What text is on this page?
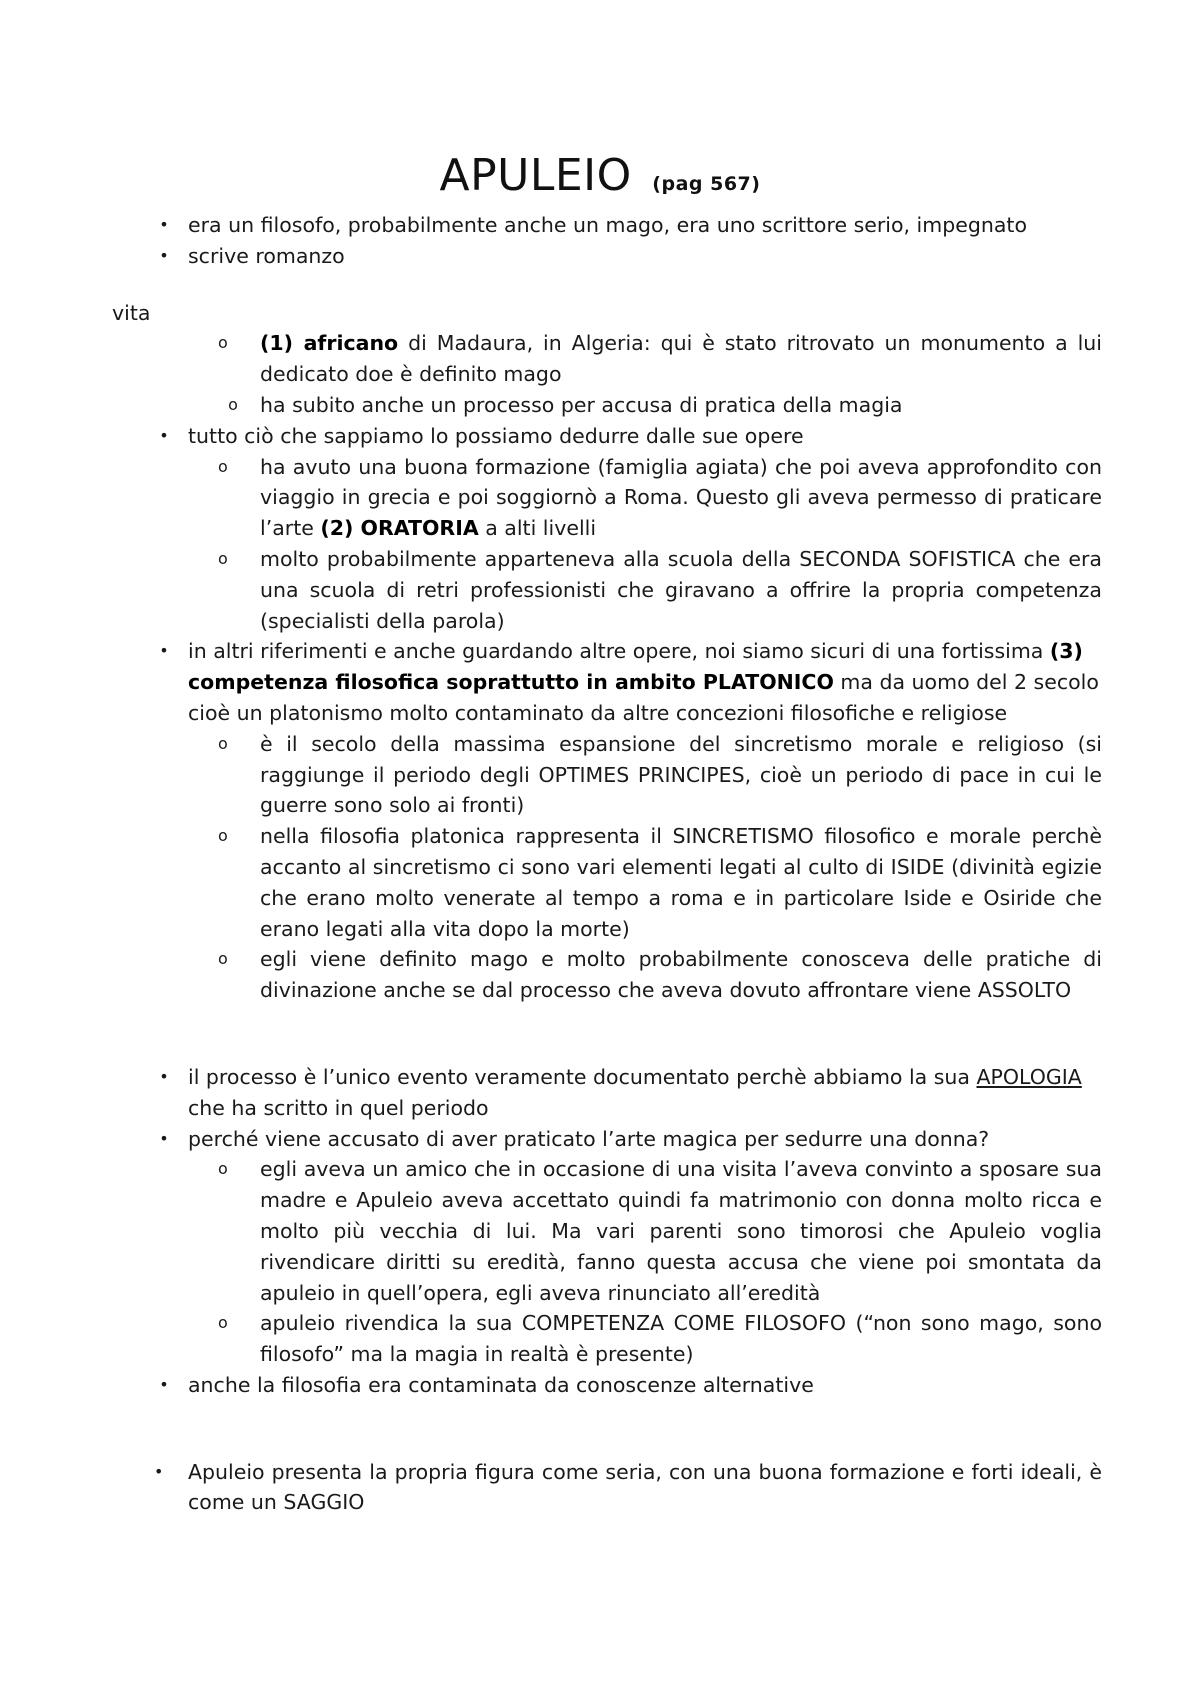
APULEIO (pag 567)
• era un filosofo, probabilmente anche un mago, era uno scrittore serio, impegnato
• scrive romanzo
vita
o	(1) africano di Madaura, in Algeria: qui è stato ritrovato un monumento a lui dedicato doe è definito mago
o	ha subito anche un processo per accusa di pratica della magia
• tutto ciò che sappiamo lo possiamo dedurre dalle sue opere
o	ha avuto una buona formazione (famiglia agiata) che poi aveva approfondito con viaggio in grecia e poi soggiornò a Roma. Questo gli aveva permesso di praticare l’arte (2) ORATORIA a alti livelli
o	molto probabilmente apparteneva alla scuola della SECONDA SOFISTICA che era una scuola di retri professionisti che giravano a offrire la propria competenza (specialisti della parola)
• in altri riferimenti e anche guardando altre opere, noi siamo sicuri di una fortissima (3) competenza filosofica soprattutto in ambito PLATONICO ma da uomo del 2 secolo cioè un platonismo molto contaminato da altre concezioni filosofiche e religiose
o	è il secolo della massima espansione del sincretismo morale e religioso (si raggiunge il periodo degli OPTIMES PRINCIPES, cioè un periodo di pace in cui le guerre sono solo ai fronti)
o	nella filosofia platonica rappresenta il SINCRETISMO filosofico e morale perchè accanto al sincretismo ci sono vari elementi legati al culto di ISIDE (divinità egizie che erano molto venerate al tempo a roma e in particolare Iside e Osiride che erano legati alla vita dopo la morte)
o	egli viene definito mago e molto probabilmente conosceva delle pratiche di divinazione anche se dal processo che aveva dovuto affrontare viene ASSOLTO
• il processo è l’unico evento veramente documentato perchè abbiamo la sua APOLOGIA che ha scritto in quel periodo
• perché viene accusato di aver praticato l’arte magica per sedurre una donna?
o	egli aveva un amico che in occasione di una visita l’aveva convinto a sposare sua madre e Apuleio aveva accettato quindi fa matrimonio con donna molto ricca e molto più vecchia di lui. Ma vari parenti sono timorosi che Apuleio voglia rivendicare diritti su eredità, fanno questa accusa che viene poi smontata da apuleio in quell’opera, egli aveva rinunciato all’eredità
o	apuleio rivendica la sua COMPETENZA COME FILOSOFO (“non sono mago, sono filosofo” ma la magia in realtà è presente)
• anche la filosofia era contaminata da conoscenze alternative
•	Apuleio presenta la propria figura come seria, con una buona formazione e forti ideali, è come un SAGGIO
